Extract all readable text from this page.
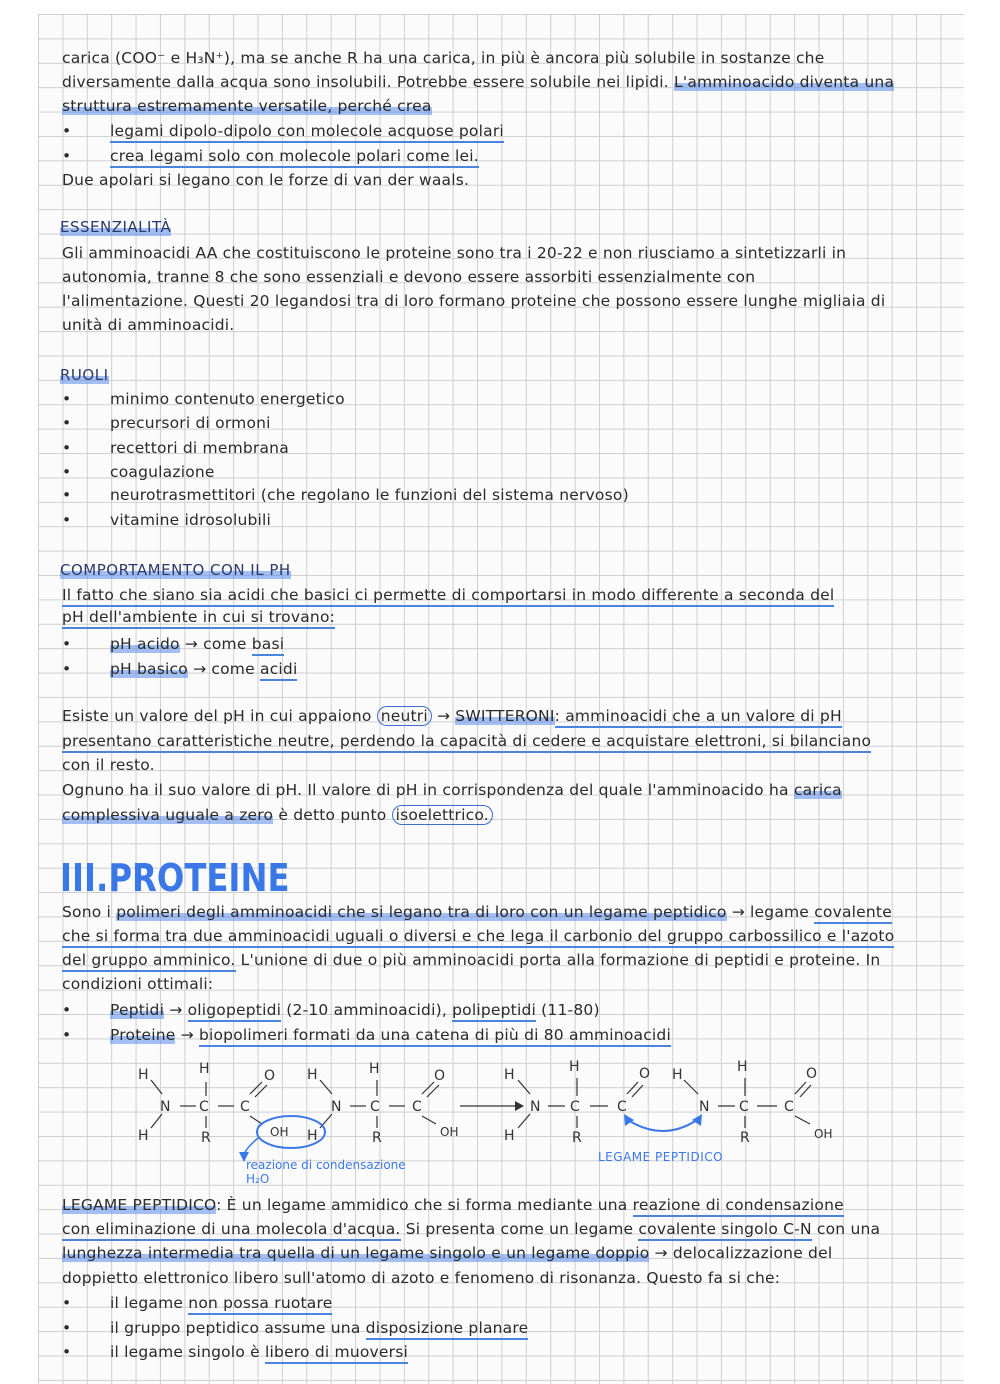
carica (COO⁻ e H₃N⁺), ma se anche R ha una carica, in più è ancora più solubile in sostanze che
diversamente dalla acqua sono insolubili. Potrebbe essere solubile nei lipidi. L'amminoacido diventa una
struttura estremamente versatile, perché crea
•	legami dipolo-dipolo con molecole acquose polari
•	crea legami solo con molecole polari come lei.
Due apolari si legano con le forze di van der waals.
ESSENZIALITÀ
Gli amminoacidi AA che costituiscono le proteine sono tra i 20-22 e non riusciamo a sintetizzarli in
autonomia, tranne 8 che sono essenziali e devono essere assorbiti essenzialmente con
l'alimentazione. Questi 20 legandosi tra di loro formano proteine che possono essere lunghe migliaia di
unità di amminoacidi.
RUOLI
•	minimo contenuto energetico
•	precursori di ormoni
•	recettori di membrana
•	coagulazione
•	neurotrasmettitori (che regolano le funzioni del sistema nervoso)
•	vitamine idrosolubili
COMPORTAMENTO CON IL PH
Il fatto che siano sia acidi che basici ci permette di comportarsi in modo differente a seconda del
pH dell'ambiente in cui si trovano:
•	pH acido → come basi
•	pH basico → come acidi
Esiste un valore del pH in cui appaiono neutri → SWITTERONI: amminoacidi che a un valore di pH
presentano caratteristiche neutre, perdendo la capacità di cedere e acquistare elettroni, si bilanciano
con il resto.
Ognuno ha il suo valore di pH. Il valore di pH in corrispondenza del quale l'amminoacido ha carica
complessiva uguale a zero è detto punto isoelettrico.
III.PROTEINE
Sono i polimeri degli amminoacidi che si legano tra di loro con un legame peptidico → legame covalente
che si forma tra due amminoacidi uguali o diversi e che lega il carbonio del gruppo carbossilico e l'azoto
del gruppo amminico. L'unione di due o più amminoacidi porta alla formazione di peptidi e proteine. In
condizioni ottimali:
•	Peptidi → oligopeptidi (2-10 amminoacidi), polipeptidi (11-80)
•	Proteine → biopolimeri formati da una catena di più di 80 amminoacidi
H	H	O
N C C
H	R	OH
H	H	O
N C C
H	R	OH
H	H	O H	H	O
N C	C	N C	C
H	R	R	OH
reazione di condensazione H₂O
LEGAME PEPTIDICO
LEGAME PEPTIDICO: È un legame ammidico che si forma mediante una reazione di condensazione
con eliminazione di una molecola d'acqua. Si presenta come un legame covalente singolo C-N con una
lunghezza intermedia tra quella di un legame singolo e un legame doppio → delocalizzazione del
doppietto elettronico libero sull'atomo di azoto e fenomeno di risonanza. Questo fa si che:
•	il legame non possa ruotare
•	il gruppo peptidico assume una disposizione planare
•	il legame singolo è libero di muoversi
